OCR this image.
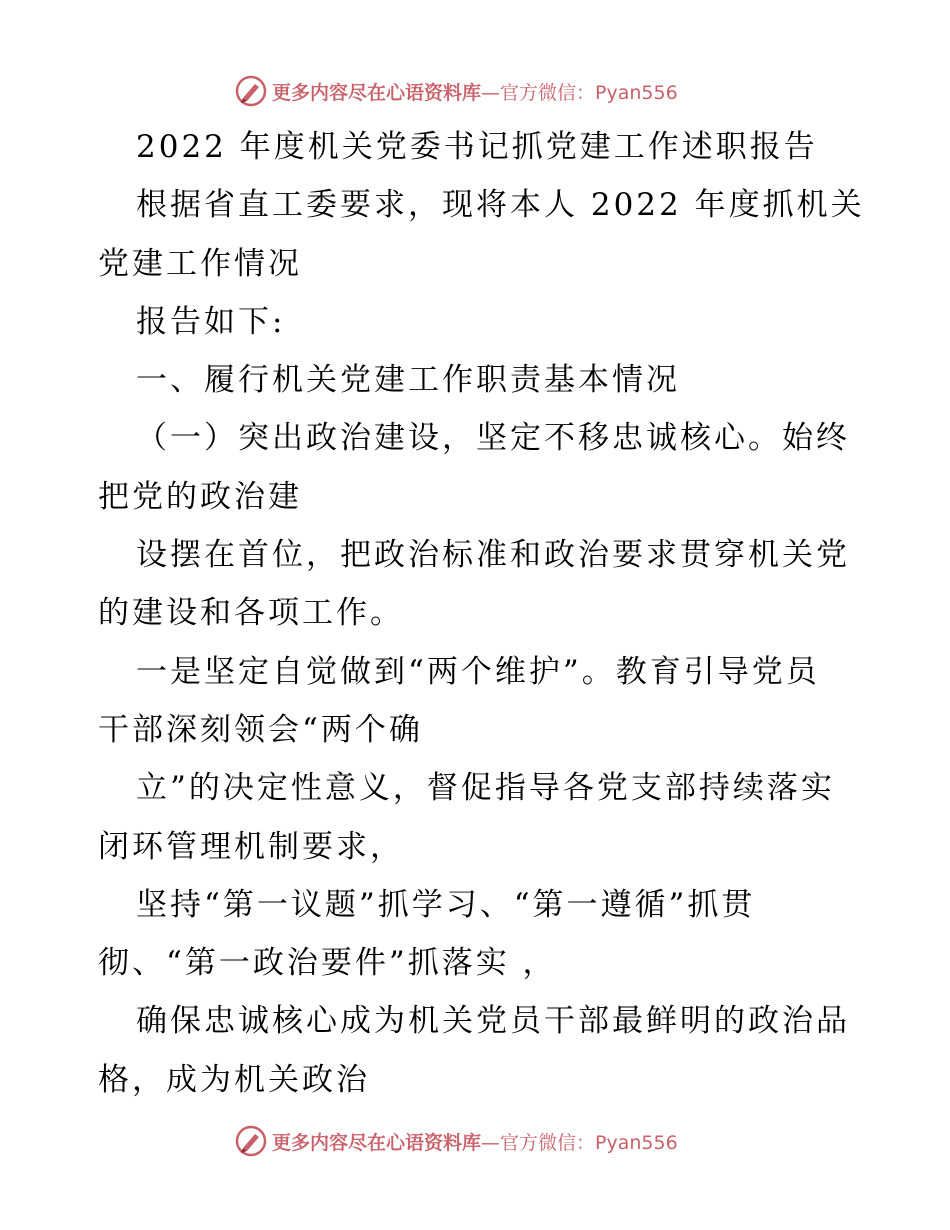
更多内容尽在心语资料库 —官方微信：Pyan556

2022 年度机关党委书记抓党建工作述职报告

根据省直工委要求，现将本人 2022 年度抓机关

党建工作情况

报告如下:

一、履行机关党建工作职责基本情况

（一）突出政治建设，坚定不移忠诚核心。始终

把党的政治建

设摆在首位，把政治标准和政治要求贯穿机关党

的建设和各项工作。

一是坚定自觉做到“两个维护”。教育引导党员

干部深刻领会“两个确

立”的决定性意义，督促指导各党支部持续落实

闭环管理机制要求，

坚持“第一议题”抓学习、“第一遵循”抓贯

彻、“第一政治要件”抓落实 ，

确保忠诚核心成为机关党员干部最鲜明的政治品

格，成为机关政治

更多内容尽在心语资料库 —官方微信：Pyan556
